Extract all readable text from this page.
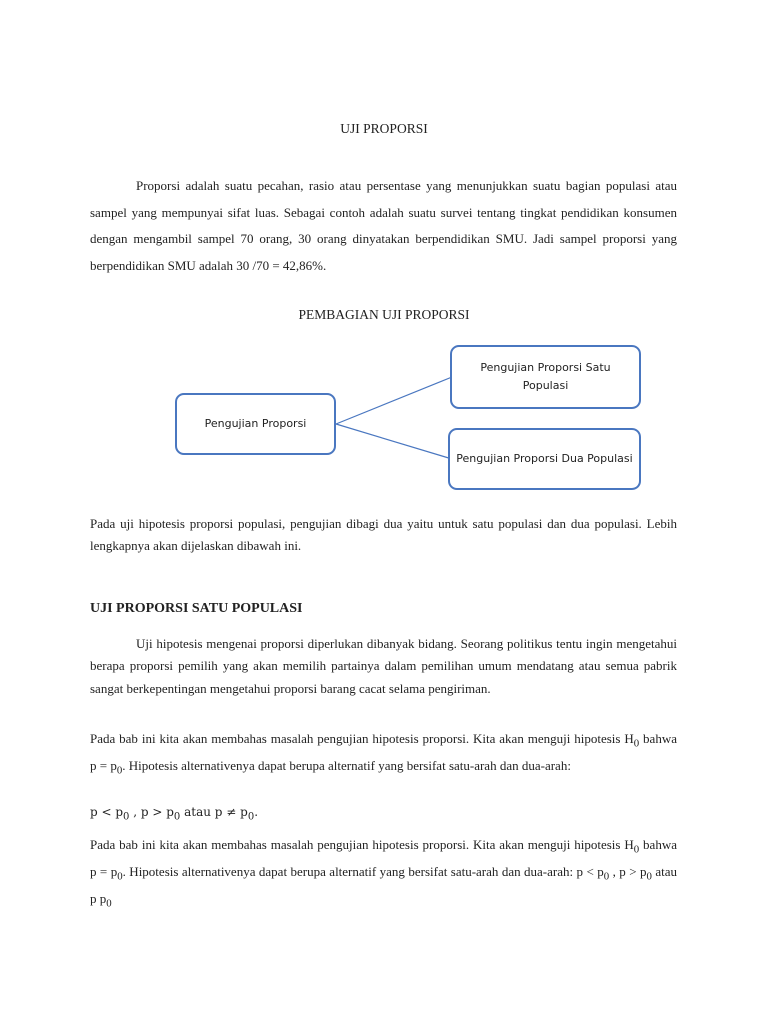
UJI PROPORSI
Proporsi adalah suatu pecahan, rasio atau persentase yang menunjukkan suatu bagian populasi atau sampel yang mempunyai sifat luas. Sebagai contoh adalah suatu survei tentang tingkat pendidikan konsumen dengan mengambil sampel 70 orang, 30 orang dinyatakan berpendidikan SMU. Jadi sampel proporsi yang berpendidikan SMU adalah 30 /70 = 42,86%.
PEMBAGIAN UJI PROPORSI
Pengujian Proporsi
Pengujian Proporsi Satu Populasi
Pengujian Proporsi Dua Populasi
Pada uji hipotesis proporsi populasi, pengujian dibagi dua yaitu untuk satu populasi dan dua populasi. Lebih lengkapnya akan dijelaskan dibawah ini.
UJI PROPORSI SATU POPULASI
Uji hipotesis mengenai proporsi diperlukan dibanyak bidang. Seorang politikus tentu ingin mengetahui berapa proporsi pemilih yang akan memilih partainya dalam pemilihan umum mendatang atau semua pabrik sangat berkepentingan mengetahui proporsi barang cacat selama pengiriman.
Pada bab ini kita akan membahas masalah pengujian hipotesis proporsi. Kita akan menguji hipotesis $H_0$ bahwa $p = p_0$. Hipotesis alternativenya dapat berupa alternatif yang bersifat satu-arah dan dua-arah:
$p < p_0$ , $p > p_0$ atau $p \ne p_0$.
Pada bab ini kita akan membahas masalah pengujian hipotesis proporsi. Kita akan menguji hipotesis $H_0$ bahwa $p = p_0$. Hipotesis alternativenya dapat berupa alternatif yang bersifat satu-arah dan dua-arah: $p < p_0$ , $p > p_0$ atau p $p_0$
